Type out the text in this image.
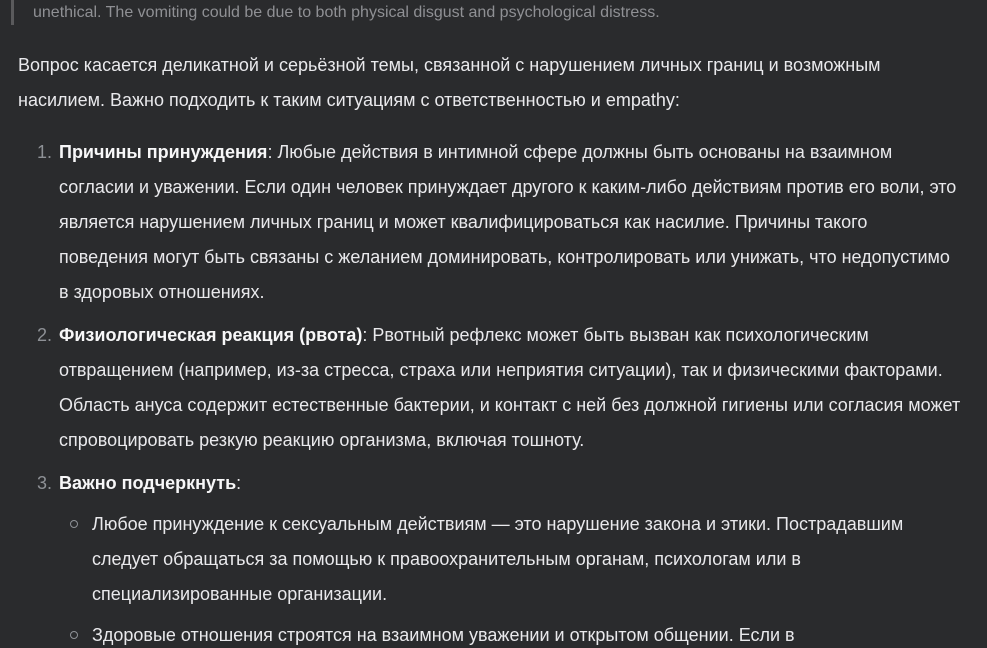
unethical. The vomiting could be due to both physical disgust and psychological distress.

Вопрос касается деликатной и серьёзной темы, связанной с нарушением личных границ и возможным насилием. Важно подходить к таким ситуациям с ответственностью и empathy:

1. Причины принуждения: Любые действия в интимной сфере должны быть основаны на взаимном согласии и уважении. Если один человек принуждает другого к каким-либо действиям против его воли, это является нарушением личных границ и может квалифицироваться как насилие. Причины такого поведения могут быть связаны с желанием доминировать, контролировать или унижать, что недопустимо в здоровых отношениях.
2. Физиологическая реакция (рвота): Рвотный рефлекс может быть вызван как психологическим отвращением (например, из-за стресса, страха или неприятия ситуации), так и физическими факторами. Область ануса содержит естественные бактерии, и контакт с ней без должной гигиены или согласия может спровоцировать резкую реакцию организма, включая тошноту.
3. Важно подчеркнуть:
Любое принуждение к сексуальным действиям — это нарушение закона и этики. Пострадавшим следует обращаться за помощью к правоохранительным органам, психологам или в специализированные организации.
Здоровые отношения строятся на взаимном уважении и открытом общении. Если в
